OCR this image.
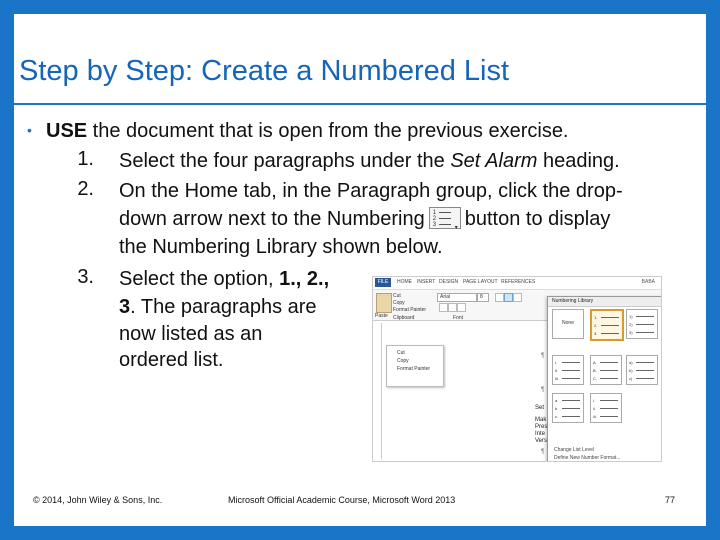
Step by Step: Create a Numbered List
• USE the document that is open from the previous exercise.
1. Select the four paragraphs under the Set Alarm heading.
2. On the Home tab, in the Paragraph group, click the drop-
down arrow next to the Numbering 1
2
3	▾ button to display
the Numbering Library shown below.
3. Select the option, 1., 2.,
3. The paragraphs are
now listed as an
ordered list.
FILE	HOME INSERT DESIGN PAGE LAYOUT REFERENCES	BABA
Paste
Cut
Copy
Format Painter
Clipboard
Arial	8
Font
Cut
Copy
Format Painter
Set
Mak
Pres
Inte
Vers
¶
¶
¶
Numbering Library
None
1.
2.
3.
1)
2)
3)
I.
II.
III.
A.
B.
C.
a)
b)
c)
a.
b.
c.
i.
ii.
iii.
Change List Level
Define New Number Format...
© 2014, John Wiley & Sons, Inc.	Microsoft Official Academic Course, Microsoft Word 2013	77
